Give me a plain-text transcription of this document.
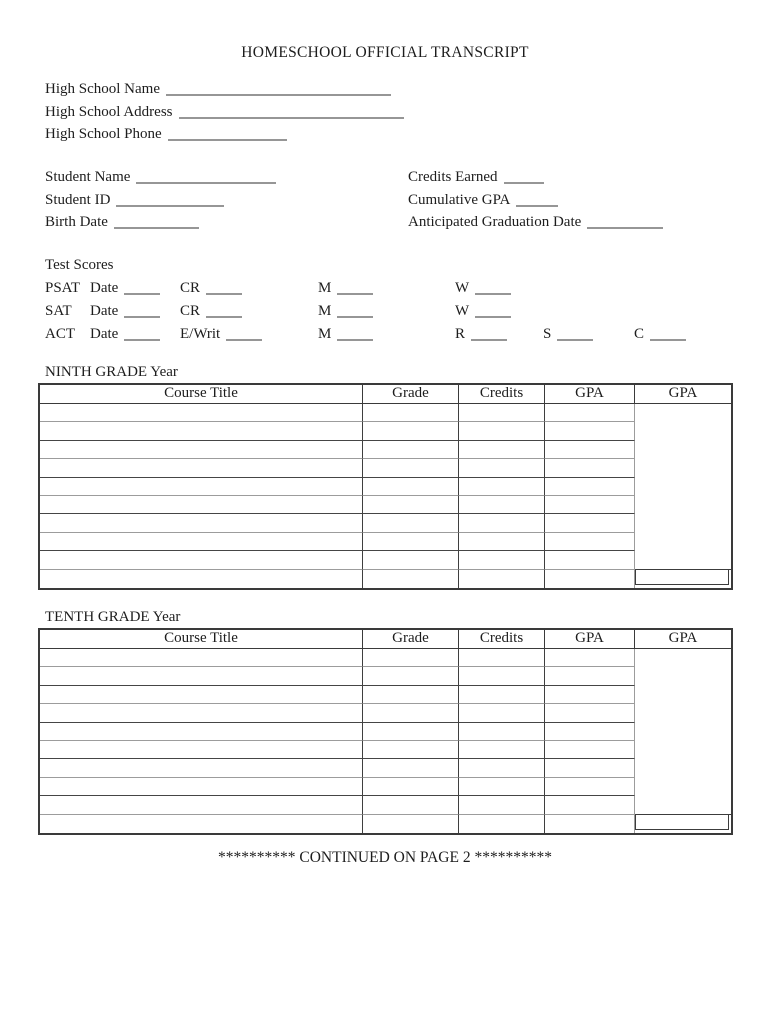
HOMESCHOOL OFFICIAL TRANSCRIPT
High School Name
High School Address
High School Phone
Student Name
Student ID
Birth Date
Credits Earned
Cumulative GPA
Anticipated Graduation Date
Test Scores
PSAT Date	CR	M	W
SAT Date	CR	M	W
ACT Date	E/Writ	M	R	S	C
NINTH GRADE Year
Course Title	Grade	Credits	GPA	GPA
TENTH GRADE Year
Course Title	Grade	Credits	GPA	GPA
********** CONTINUED ON PAGE 2 **********
